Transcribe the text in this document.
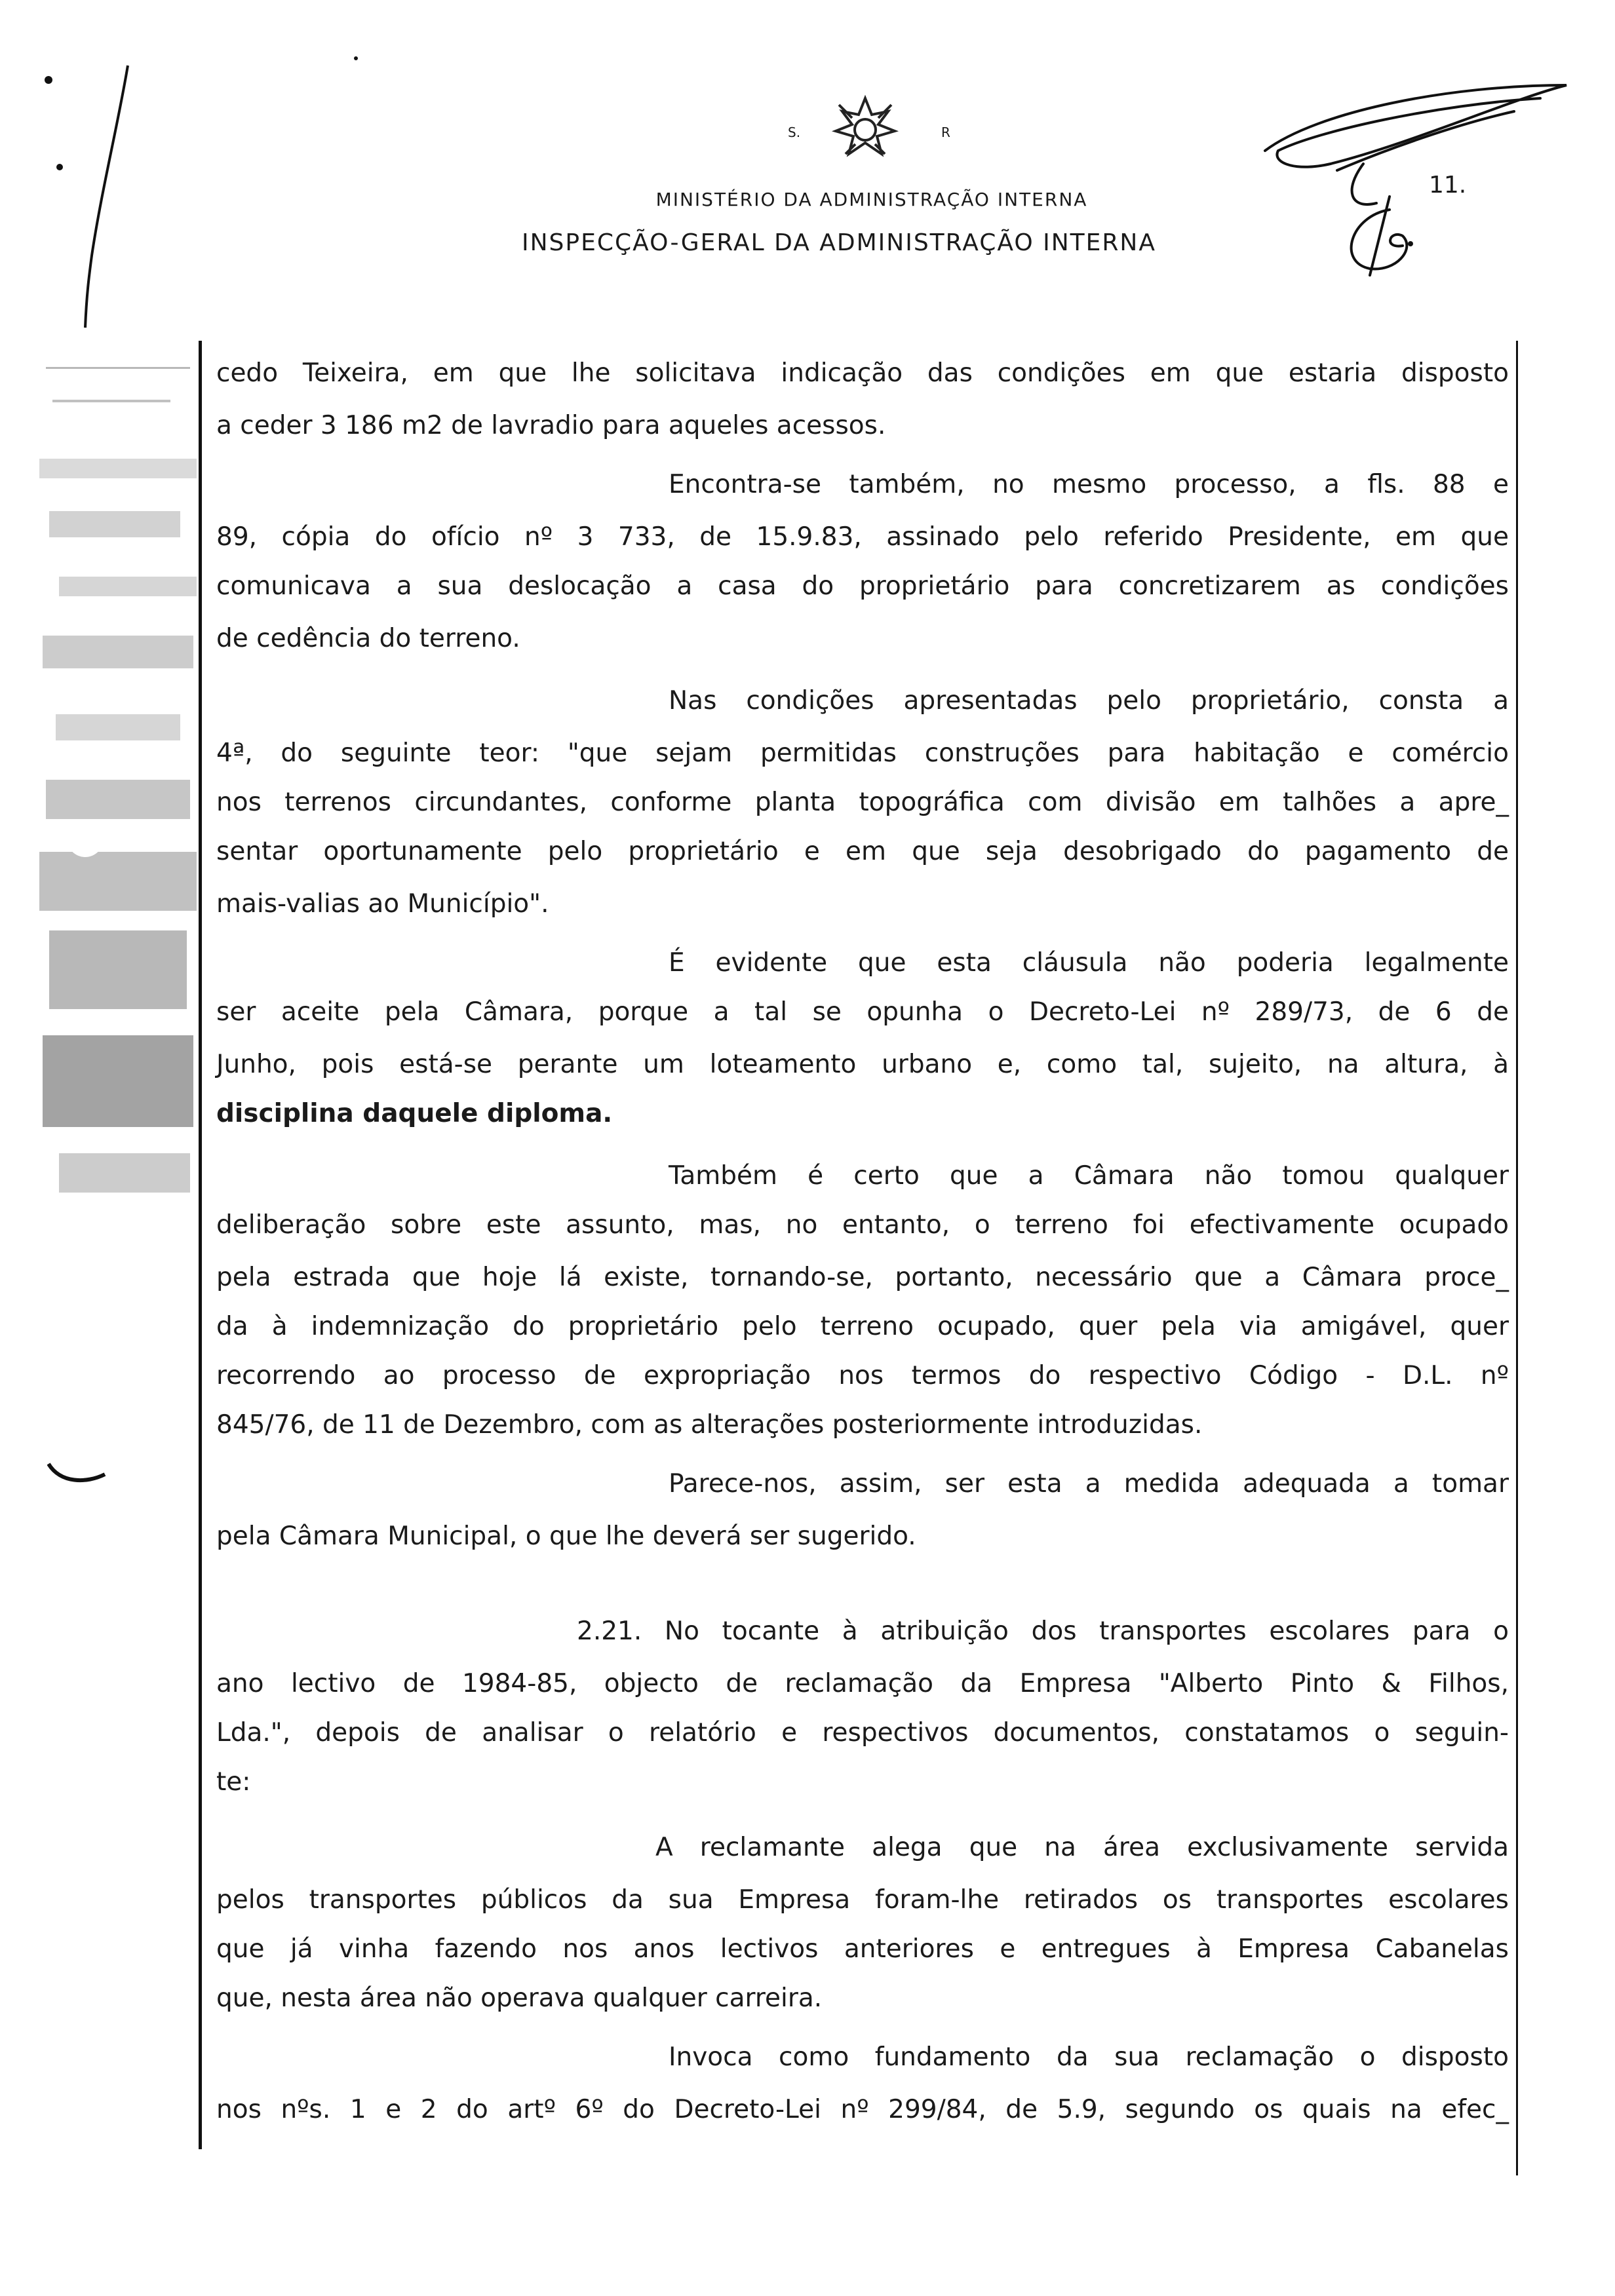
S.	R
MINISTÉRIO DA ADMINISTRAÇÃO INTERNA
INSPECÇÃO-GERAL DA ADMINISTRAÇÃO INTERNA
11.
cedo Teixeira, em que lhe solicitava indicação das condições em que estaria disposto
a ceder 3 186 m2 de lavradio para aqueles acessos.
Encontra-se também, no mesmo processo, a fls. 88 e
89, cópia do ofício nº 3 733, de 15.9.83, assinado pelo referido Presidente, em que
comunicava a sua deslocação a casa do proprietário para concretizarem as condições
de cedência do terreno.
Nas condições apresentadas pelo proprietário, consta a
4ª, do seguinte teor: "que sejam permitidas construções para habitação e comércio
nos terrenos circundantes, conforme planta topográfica com divisão em talhões a apre_
sentar oportunamente pelo proprietário e em que seja desobrigado do pagamento de
mais-valias ao Município".
É evidente que esta cláusula não poderia legalmente
ser aceite pela Câmara, porque a tal se opunha o Decreto-Lei nº 289/73, de 6 de
Junho, pois está-se perante um loteamento urbano e, como tal, sujeito, na altura, à
disciplina daquele diploma.
Também é certo que a Câmara não tomou qualquer
deliberação sobre este assunto, mas, no entanto, o terreno foi efectivamente ocupado
pela estrada que hoje lá existe, tornando-se, portanto, necessário que a Câmara proce_
da à indemnização do proprietário pelo terreno ocupado, quer pela via amigável, quer
recorrendo ao processo de expropriação nos termos do respectivo Código - D.L. nº
845/76, de 11 de Dezembro, com as alterações posteriormente introduzidas.
Parece-nos, assim, ser esta a medida adequada a tomar
pela Câmara Municipal, o que lhe deverá ser sugerido.
2.21. No tocante à atribuição dos transportes escolares para o
ano lectivo de 1984-85, objecto de reclamação da Empresa "Alberto Pinto & Filhos,
Lda.", depois de analisar o relatório e respectivos documentos, constatamos o seguin-
te:
A reclamante alega que na área exclusivamente servida
pelos transportes públicos da sua Empresa foram-lhe retirados os transportes escolares
que já vinha fazendo nos anos lectivos anteriores e entregues à Empresa Cabanelas
que, nesta área não operava qualquer carreira.
Invoca como fundamento da sua reclamação o disposto
nos nºs. 1 e 2 do artº 6º do Decreto-Lei nº 299/84, de 5.9, segundo os quais na efec_
